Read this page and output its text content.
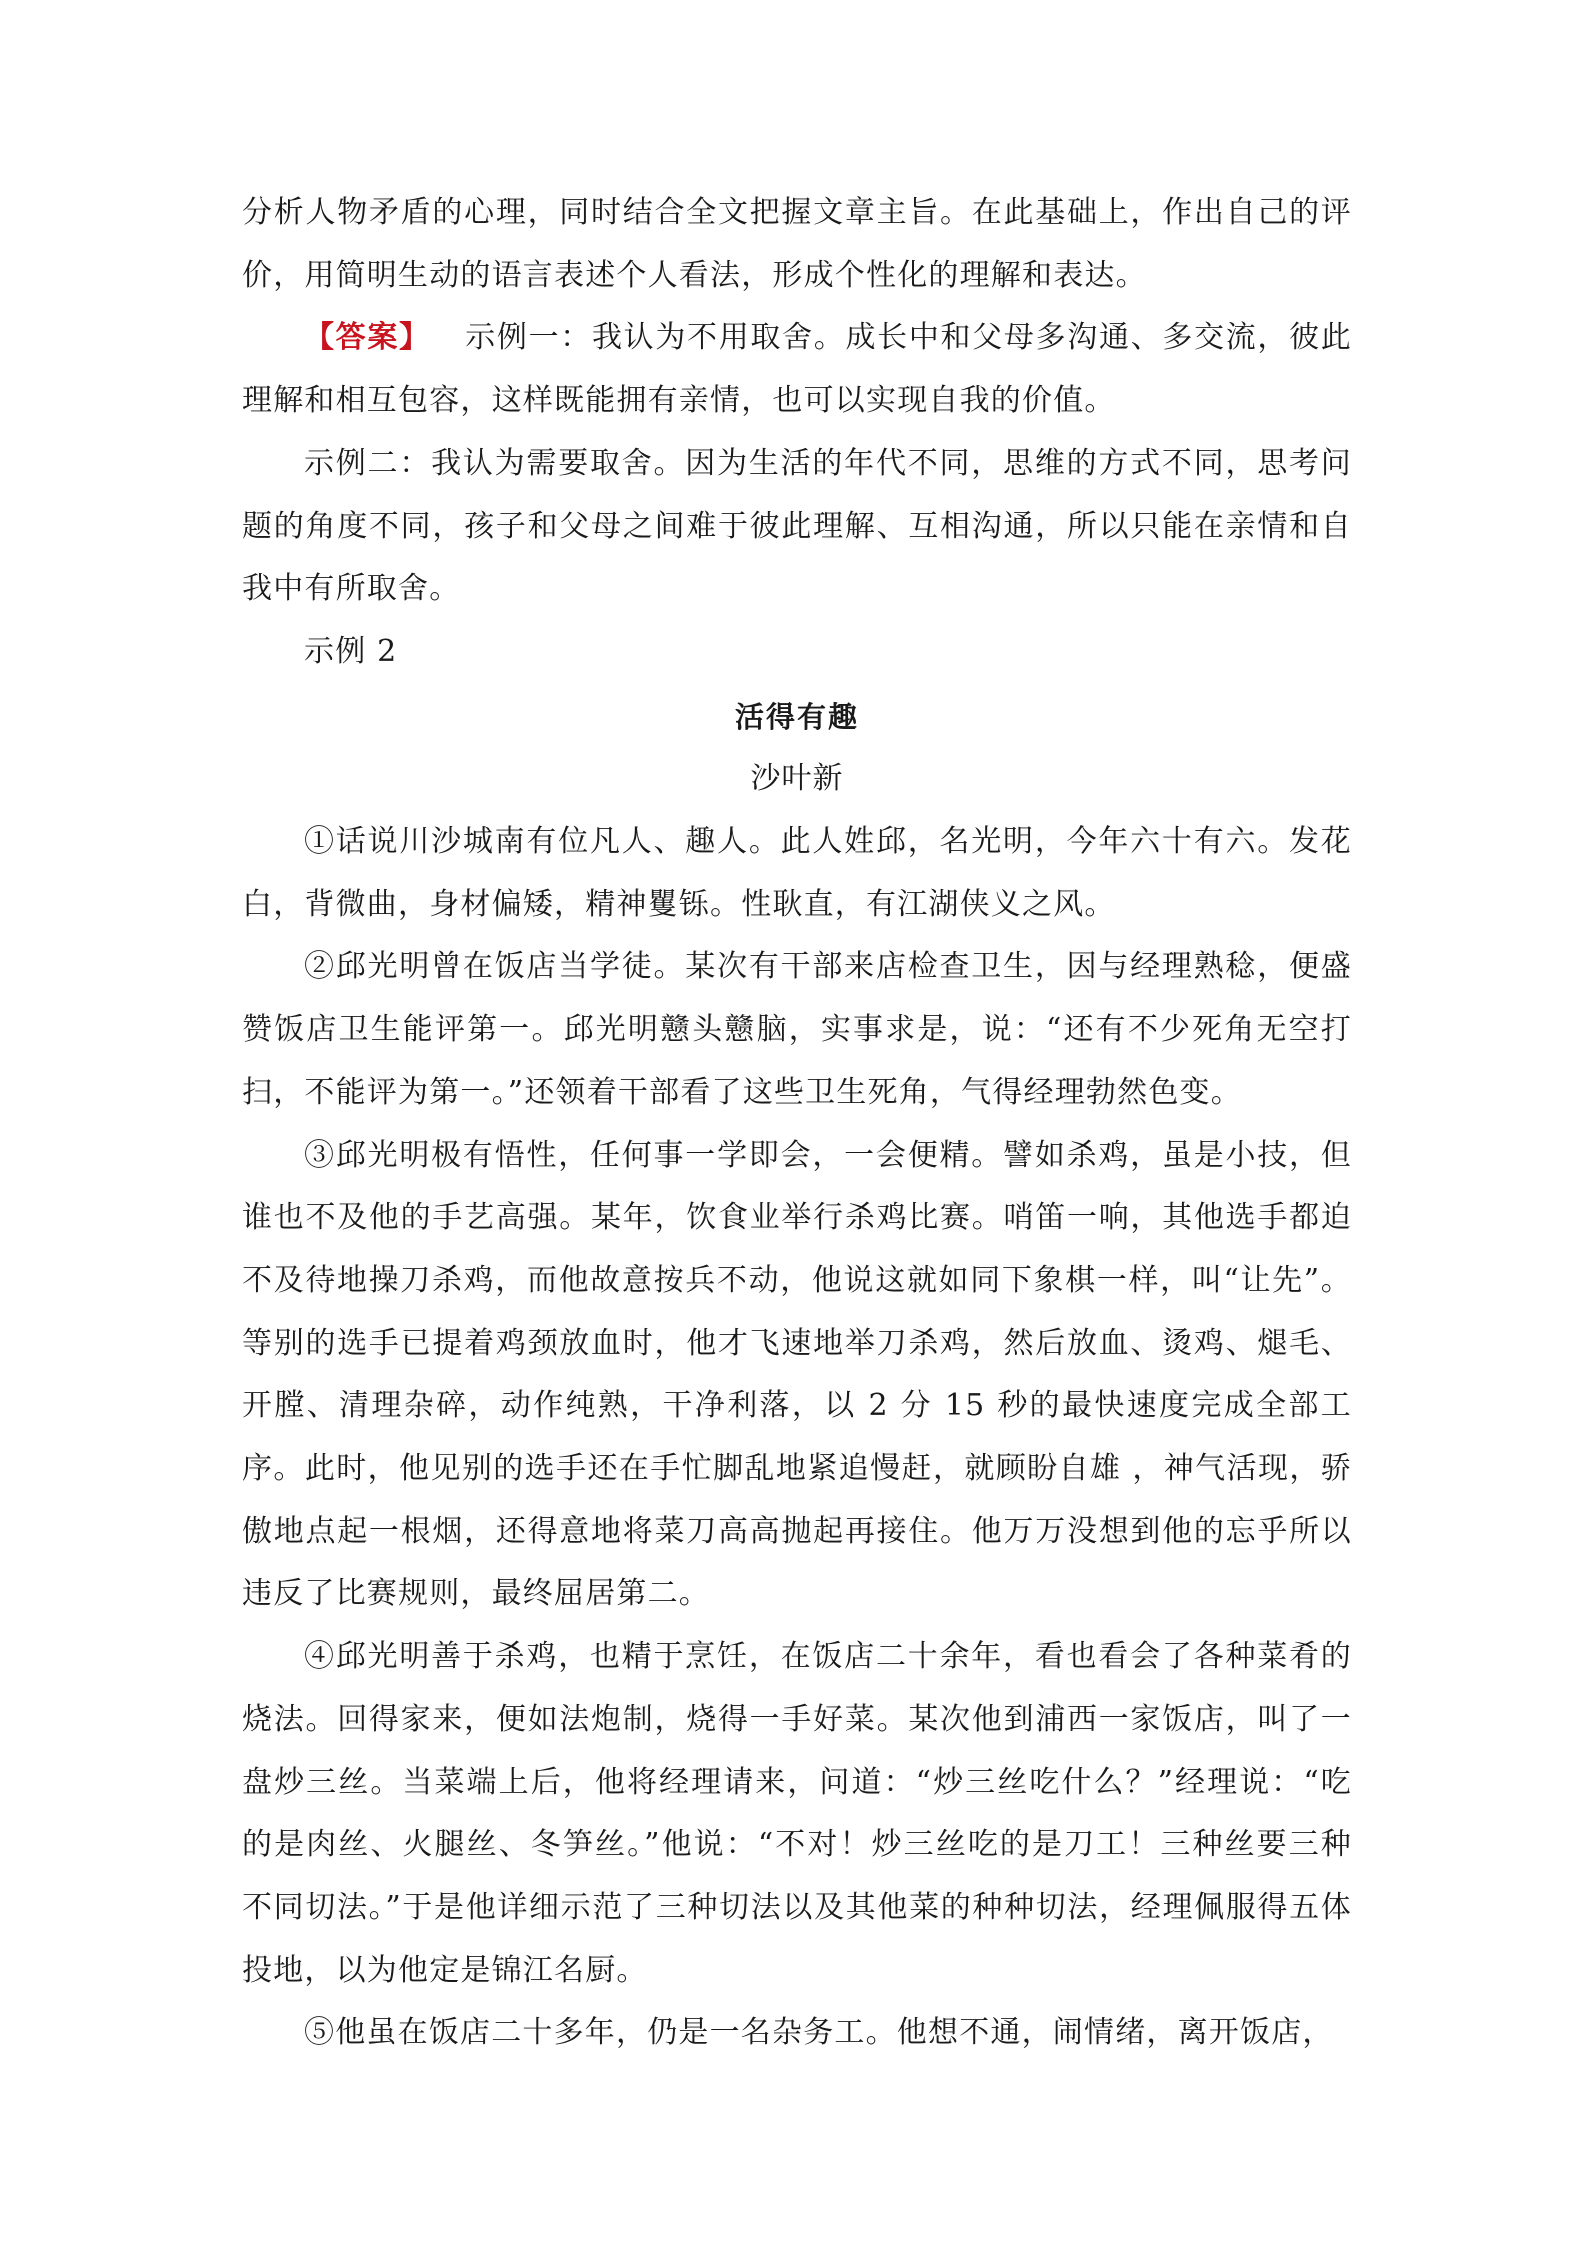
分析人物矛盾的心理，同时结合全文把握文章主旨。在此基础上，作出自己的评价，用简明生动的语言表述个人看法，形成个性化的理解和表达。

【答案】 示例一：我认为不用取舍。成长中和父母多沟通、多交流，彼此理解和相互包容，这样既能拥有亲情，也可以实现自我的价值。

示例二：我认为需要取舍。因为生活的年代不同，思维的方式不同，思考问题的角度不同，孩子和父母之间难于彼此理解、互相沟通，所以只能在亲情和自我中有所取舍。

示例 2

活得有趣

沙叶新

①话说川沙城南有位凡人、趣人。此人姓邱，名光明，今年六十有六。发花白，背微曲，身材偏矮，精神矍铄。性耿直，有江湖侠义之风。

②邱光明曾在饭店当学徒。某次有干部来店检查卫生，因与经理熟稔，便盛赞饭店卫生能评第一。邱光明戆头戆脑，实事求是，说：“还有不少死角无空打扫，不能评为第一。”还领着干部看了这些卫生死角，气得经理勃然色变。

③邱光明极有悟性，任何事一学即会，一会便精。譬如杀鸡，虽是小技，但谁也不及他的手艺高强。某年，饮食业举行杀鸡比赛。哨笛一响，其他选手都迫不及待地操刀杀鸡，而他故意按兵不动，他说这就如同下象棋一样，叫“让先”。等别的选手已提着鸡颈放血时，他才飞速地举刀杀鸡，然后放血、烫鸡、煺毛、开膛、清理杂碎，动作纯熟，干净利落，以 2 分 15 秒的最快速度完成全部工序。此时，他见别的选手还在手忙脚乱地紧追慢赶，就顾盼自雄 ，神气活现，骄傲地点起一根烟，还得意地将菜刀高高抛起再接住。他万万没想到他的忘乎所以违反了比赛规则，最终屈居第二。

④邱光明善于杀鸡，也精于烹饪，在饭店二十余年，看也看会了各种菜肴的烧法。回得家来，便如法炮制，烧得一手好菜。某次他到浦西一家饭店，叫了一盘炒三丝。当菜端上后，他将经理请来，问道：“炒三丝吃什么？”经理说：“吃的是肉丝、火腿丝、冬笋丝。”他说：“不对！炒三丝吃的是刀工！三种丝要三种不同切法。”于是他详细示范了三种切法以及其他菜的种种切法，经理佩服得五体投地，以为他定是锦江名厨。

⑤他虽在饭店二十多年，仍是一名杂务工。他想不通，闹情绪，离开饭店，
